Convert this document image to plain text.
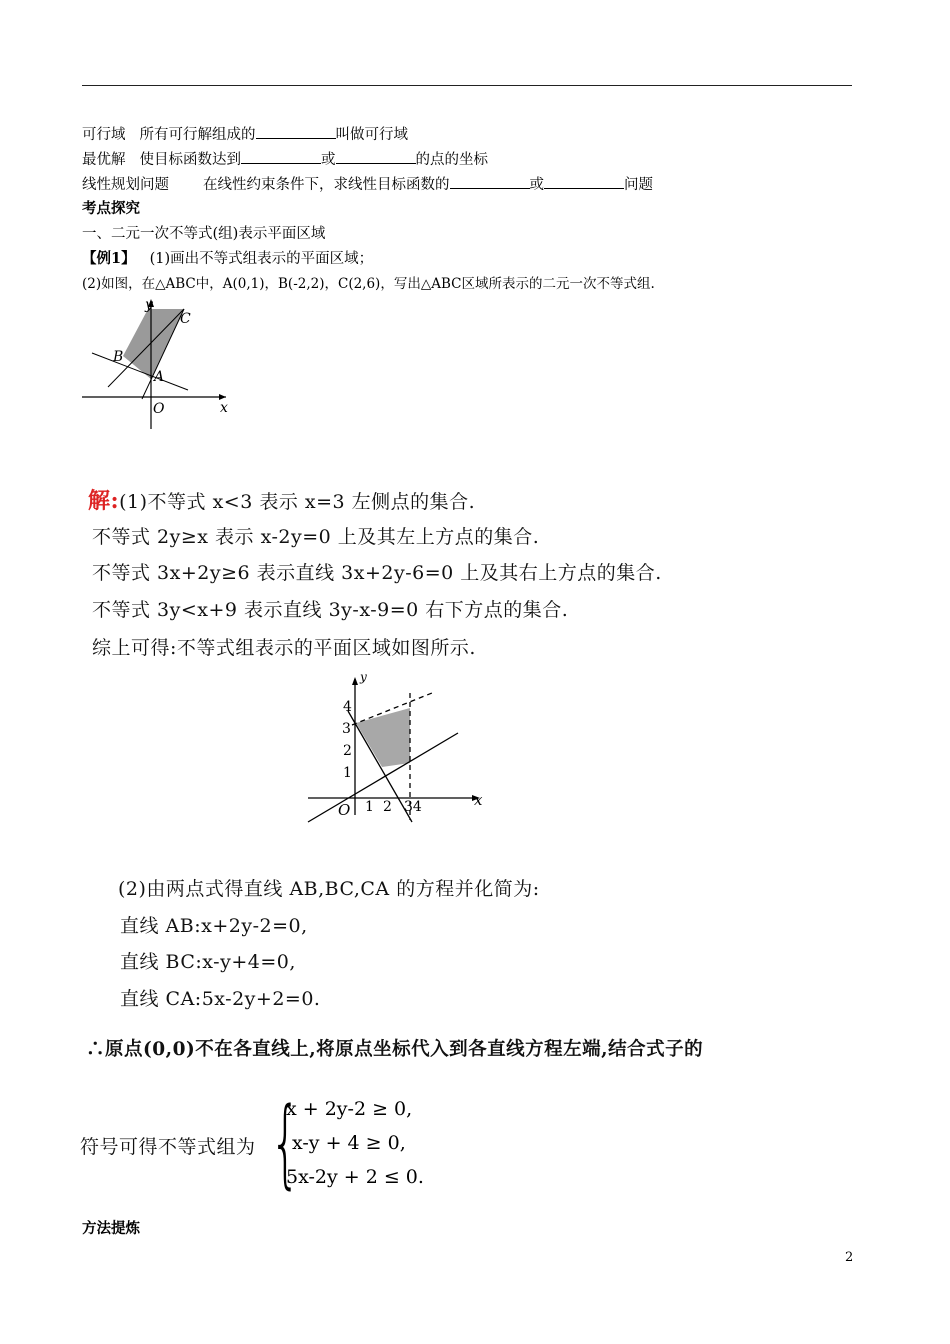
可行域 所有可行解组成的	叫做可行域
最优解 使目标函数达到	或	的点的坐标
线性规划问题 在线性约束条件下，求线性目标函数的	或	问题
考点探究
一、二元一次不等式(组)表示平面区域
【例1】 (1)画出不等式组表示的平面区域；
(2)如图，在△ABC中，A(0,1)，B(-2,2)，C(2,6)，写出△ABC区域所表示的二元一次不等式组.
y
x
O
A
B
C
解:(1)不等式 x<3 表示 x=3 左侧点的集合.
不等式 2y≥x 表示 x-2y=0 上及其左上方点的集合.
不等式 3x+2y≥6 表示直线 3x+2y-6=0 上及其右上方点的集合.
不等式 3y<x+9 表示直线 3y-x-9=0 右下方点的集合.
综上可得:不等式组表示的平面区域如图所示.
y
x
O 1 2 34
1
2
3
4
(2)由两点式得直线 AB,BC,CA 的方程并化简为:
直线 AB:x+2y-2=0,
直线 BC:x-y+4=0,
直线 CA:5x-2y+2=0.
∴原点(0,0)不在各直线上,将原点坐标代入到各直线方程左端,结合式子的
符号可得不等式组为 {
x + 2y-2 ≥ 0,
x-y + 4 ≥ 0,
5x-2y + 2 ≤ 0.
方法提炼
2
